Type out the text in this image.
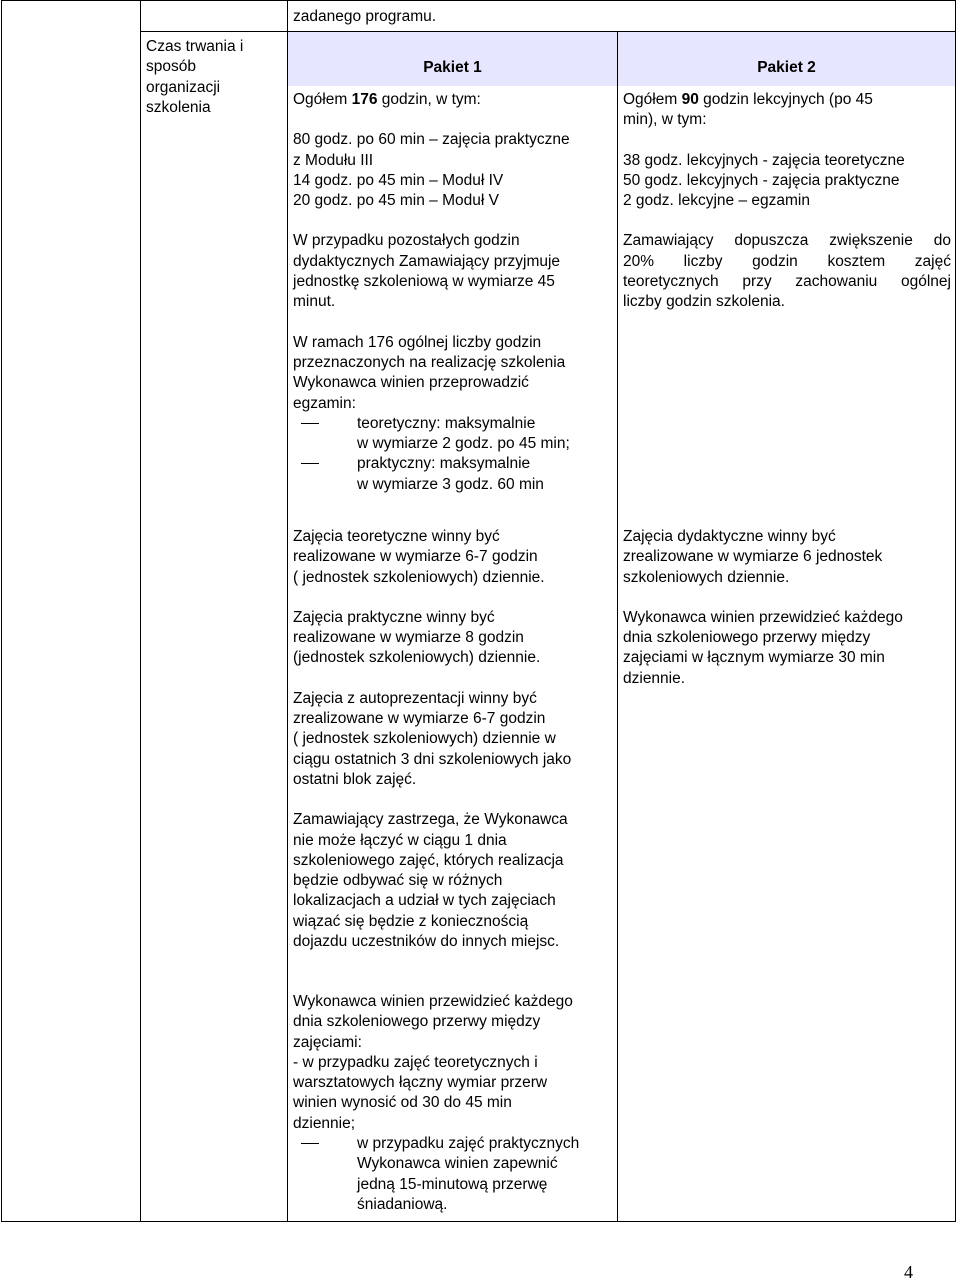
zadanego programu.

Czas trwania i

sposób

organizacji

szkolenia

Pakiet 1	Pakiet 2

Ogółem 176 godzin, w tym:

80 godz. po 60 min – zajęcia praktyczne

z Modułu III

14 godz. po 45 min – Moduł IV

20 godz. po 45 min – Moduł V

W przypadku pozostałych godzin

dydaktycznych Zamawiający przyjmuje

jednostkę szkoleniową w wymiarze 45

minut.

W ramach 176 ogólnej liczby godzin

przeznaczonych na realizację szkolenia

Wykonawca winien przeprowadzić

egzamin:

teoretyczny: maksymalnie

w wymiarze 2 godz. po 45 min;

praktyczny: maksymalnie

w wymiarze 3 godz. 60 min

Zajęcia teoretyczne winny być

realizowane w wymiarze 6-7 godzin

( jednostek szkoleniowych) dziennie.

Zajęcia praktyczne winny być

realizowane w wymiarze 8 godzin

(jednostek szkoleniowych) dziennie.

Zajęcia z autoprezentacji winny być

zrealizowane w wymiarze 6-7 godzin

( jednostek szkoleniowych) dziennie w

ciągu ostatnich 3 dni szkoleniowych jako

ostatni blok zajęć.

Zamawiający zastrzega, że Wykonawca

nie może łączyć w ciągu 1 dnia

szkoleniowego zajęć, których realizacja

będzie odbywać się w różnych

lokalizacjach a udział w tych zajęciach

wiązać się będzie z koniecznością

dojazdu uczestników do innych miejsc.

Wykonawca winien przewidzieć każdego

dnia szkoleniowego przerwy między

zajęciami:

- w przypadku zajęć teoretycznych i

warsztatowych łączny wymiar przerw

winien wynosić od 30 do 45 min

dziennie;

w przypadku zajęć praktycznych

Wykonawca winien zapewnić

jedną 15-minutową przerwę

śniadaniową.

Ogółem 90 godzin lekcyjnych (po 45

min), w tym:

38 godz. lekcyjnych - zajęcia teoretyczne

50 godz. lekcyjnych - zajęcia praktyczne

2 godz. lekcyjne – egzamin

Zamawiający dopuszcza zwiększenie do

20% liczby godzin kosztem zajęć

teoretycznych przy zachowaniu ogólnej

liczby godzin szkolenia.

Zajęcia dydaktyczne winny być

zrealizowane w wymiarze 6 jednostek

szkoleniowych dziennie.

Wykonawca winien przewidzieć każdego

dnia szkoleniowego przerwy między

zajęciami w łącznym wymiarze 30 min

dziennie.

4
